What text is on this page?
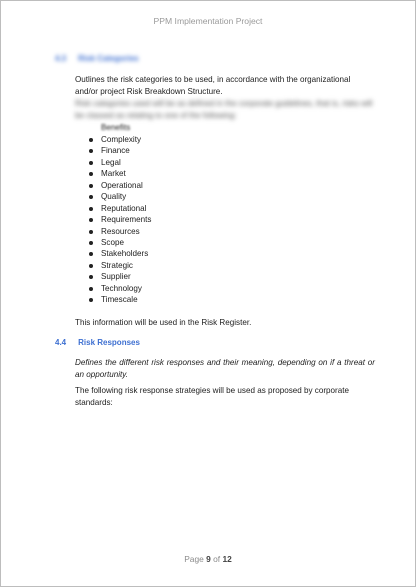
PPM Implementation Project
4.3 Risk Categories
Outlines the risk categories to be used, in accordance with the organizational and/or project Risk Breakdown Structure.
Risk categories used will be as defined in the corporate guidelines, that is, risks will be classed as relating to one of the following:
Benefits
Complexity
Finance
Legal
Market
Operational
Quality
Reputational
Requirements
Resources
Scope
Stakeholders
Strategic
Supplier
Technology
Timescale
This information will be used in the Risk Register.
4.4 Risk Responses
Defines the different risk responses and their meaning, depending on if a threat or an opportunity.
The following risk response strategies will be used as proposed by corporate standards:
Page 9 of 12
